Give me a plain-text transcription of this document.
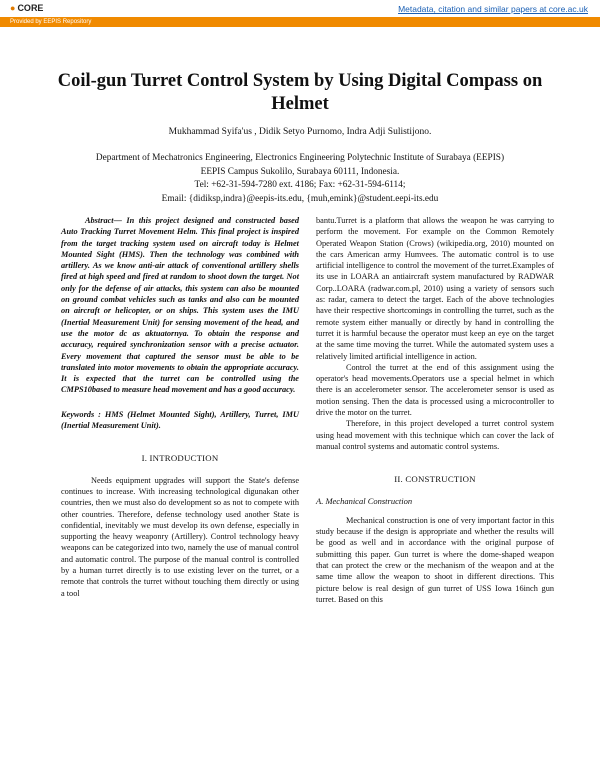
● CORE	Metadata, citation and similar papers at core.ac.uk
Provided by EEPIS Repository
Coil-gun Turret Control System by Using Digital Compass on Helmet
Mukhammad Syifa'us , Didik Setyo Purnomo, Indra Adji Sulistijono.
Department of Mechatronics Engineering, Electronics Engineering Polytechnic Institute of Surabaya (EEPIS)
EEPIS Campus Sukolilo, Surabaya 60111, Indonesia.
Tel: +62-31-594-7280 ext. 4186; Fax: +62-31-594-6114;
Email: {didiksp,indra}@eepis-its.edu, {muh,emink}@student.eepi-its.edu

Abstract— In this project designed and constructed based Auto Tracking Turret Movement Helm. This final project is inspired from the target tracking system used on aircraft today is Helmet Mounted Sight (HMS). Then the technology was combined with artillery. As we know anti-air attack of conventional artillery shells fired at high speed and fired at random to shoot down the target. Not only for the defense of air attacks, this system can also be mounted on ground combat vehicles such as tanks and also can be mounted on aircraft or helicopter, or on ships. This system uses the IMU (Inertial Measurement Unit) for sensing movement of the head, and use the motor dc as aktuatornya. To obtain the response and accuracy, required synchronization sensor with a precise actuator. Every movement that captured the sensor must be able to be translated into motor movements to obtain the appropriate accuracy. It is expected that the turret can be controlled using the CMPS10based to measure head movement and has a good accuracy.

Keywords : HMS (Helmet Mounted Sight), Artillery, Turret, IMU (Inertial Measurement Unit).

I. INTRODUCTION

Needs equipment upgrades will support the State's defense continues to increase. With increasing technological digunakan other countries, then we must also do development so as not to compete with other countries. Therefore, defense technology used another State is confidential, inevitably we must develop its own defense, especially in supporting the heavy weaponry (Artillery). Control technology heavy weapons can be categorized into two, namely the use of manual control and automatic control. The purpose of the manual control is controlled by a human turret directly is to use existing lever on the turret, or a remote that controls the turret without touching them directly or using a tool

bantu.Turret is a platform that allows the weapon he was carrying to perform the movement. For example on the Common Remotely Operated Weapon Station (Crows) (wikipedia.org, 2010) mounted on the cars American army Humvees. The automatic control is to use artificial intelligence to control the movement of the turret.Examples of its use in LOARA an antiaircraft system manufactured by RADWAR Corp..LOARA (radwar.com.pl, 2010) using a variety of sensors such as: radar, camera to detect the target. Each of the above technologies have their respective shortcomings in controlling the turret, such as the remote system either manually or directly by hand in controlling the turret it is harmful because the operator must keep an eye on the target at the same time moving the turret. While the automated system uses a relatively limited artificial intelligence in action.

Control the turret at the end of this assignment using the operator's head movements.Operators use a special helmet in which there is an accelerometer sensor. The accelerometer sensor is used as motion sensing. Then the data is processed using a microcontroller to drive the motor on the turret.

Therefore, in this project developed a turret control system using head movement with this technique which can cover the lack of manual control systems and automatic control systems.

II. CONSTRUCTION
A. Mechanical Construction

Mechanical construction is one of very important factor in this study because if the design is appropriate and whether the results will be good as well and in accordance with the original purpose of submitting this paper. Gun turret is where the dome-shaped weapon that can protect the crew or the mechanism of the weapon and at the same time allow the weapon to shoot in different directions. This picture below is real design of gun turret of USS Iowa 16inch gun turret. Based on this
